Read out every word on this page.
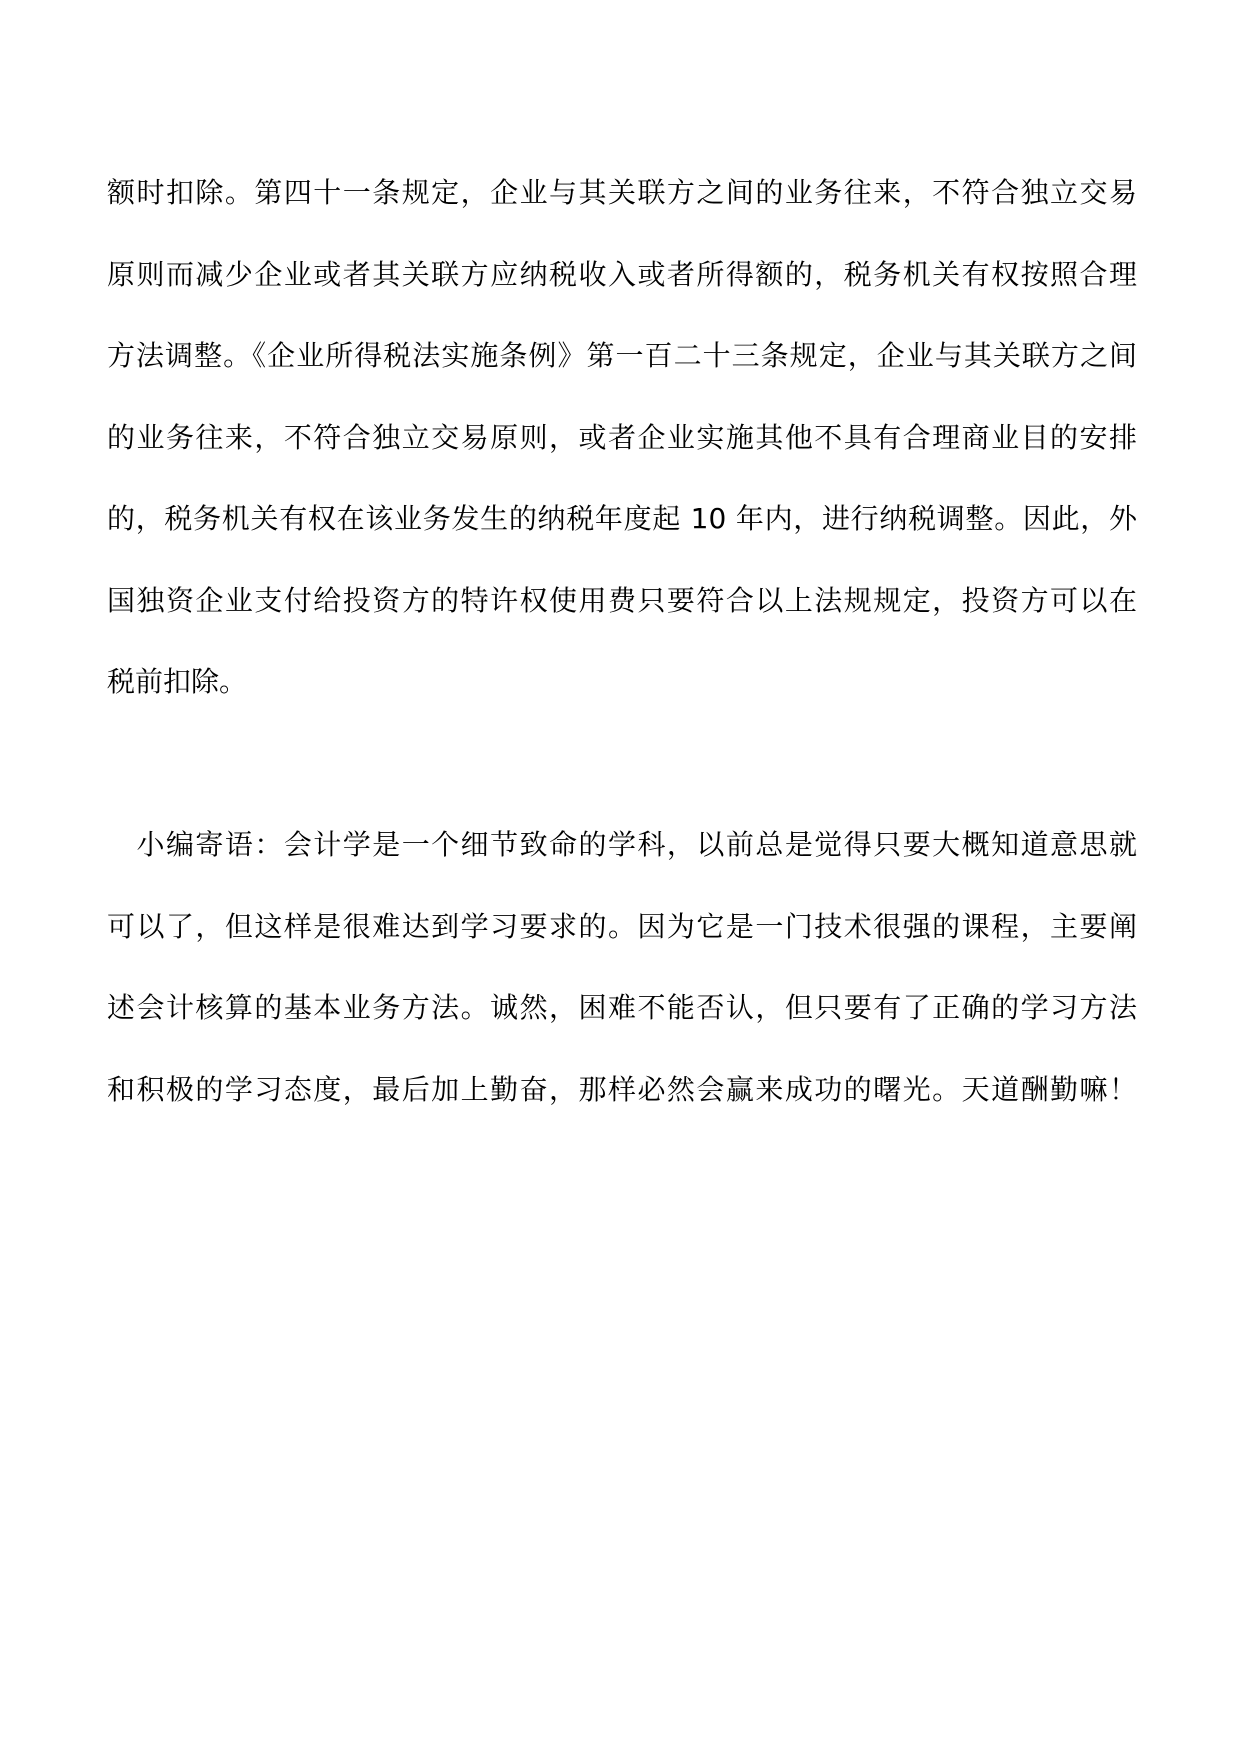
额时扣除。第四十一条规定，企业与其关联方之间的业务往来，不符合独立交易
原则而减少企业或者其关联方应纳税收入或者所得额的，税务机关有权按照合理
方法调整。《企业所得税法实施条例》第一百二十三条规定，企业与其关联方之间
的业务往来，不符合独立交易原则，或者企业实施其他不具有合理商业目的安排
的，税务机关有权在该业务发生的纳税年度起 10 年内，进行纳税调整。因此，外
国独资企业支付给投资方的特许权使用费只要符合以上法规规定，投资方可以在
税前扣除。
　小编寄语：会计学是一个细节致命的学科，以前总是觉得只要大概知道意思就
可以了，但这样是很难达到学习要求的。因为它是一门技术很强的课程，主要阐
述会计核算的基本业务方法。诚然，困难不能否认，但只要有了正确的学习方法
和积极的学习态度，最后加上勤奋，那样必然会赢来成功的曙光。天道酬勤嘛！
